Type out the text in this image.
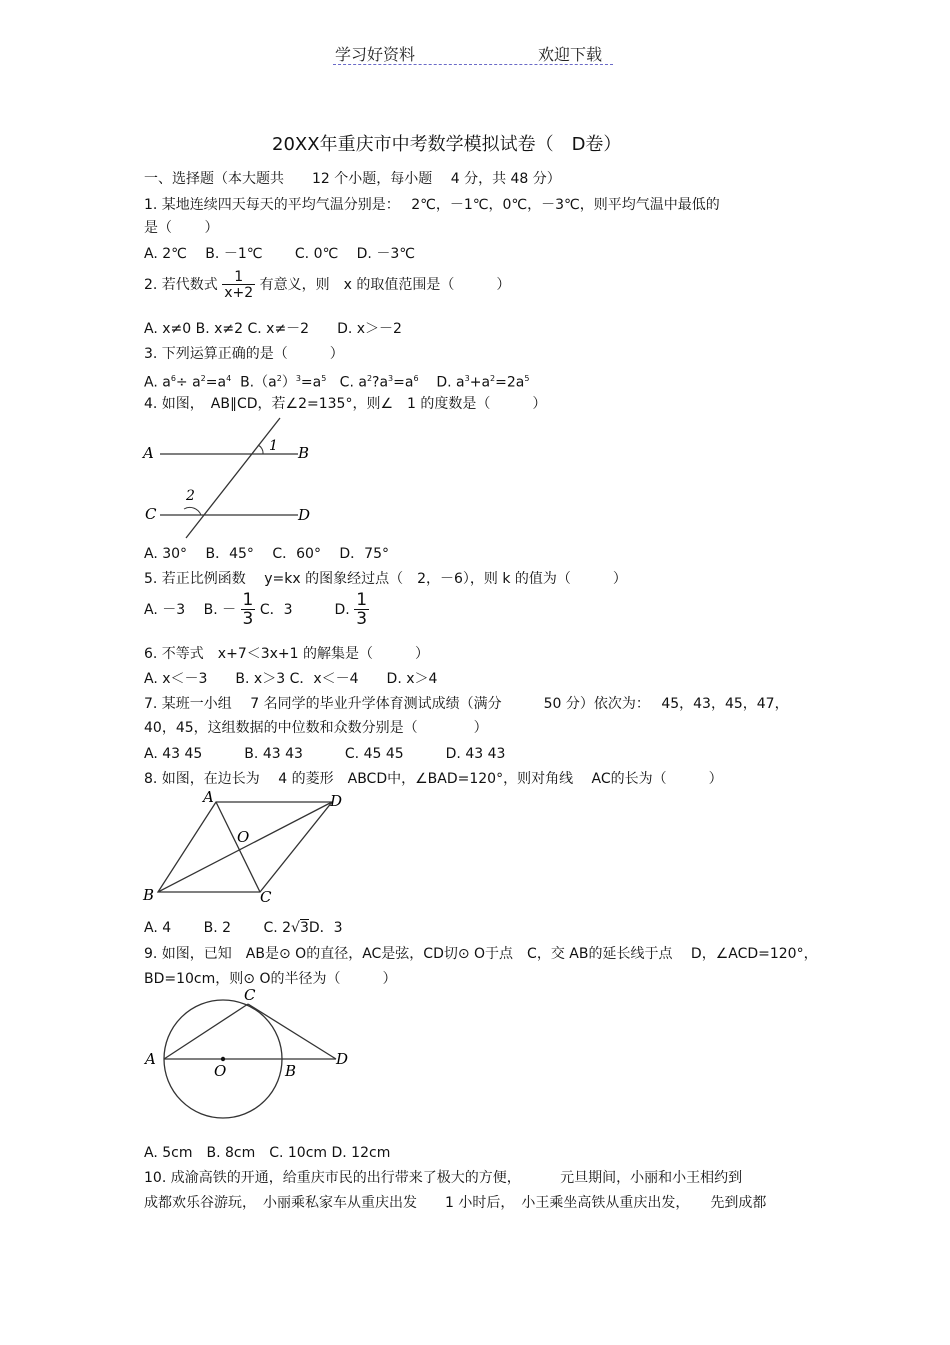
学习好资料	欢迎下载
20XX年重庆市中考数学模拟试卷（　D卷）
一、选择题（本大题共　　12 个小题，每小题　 4 分，共 48 分）
1. 某地连续四天每天的平均气温分别是：　 2℃，－1℃，0℃，－3℃，则平均气温中最低的
是（　　 ）
A. 2℃　 B. －1℃　　 C. 0℃　 D. －3℃
2. 若代数式 $\frac{1}{x+2}$ 有意义，则　x 的取值范围是（　　　）
A. x≠0 B. x≠2 C. x≠－2　　D. x＞－2
3. 下列运算正确的是（　　　）
A. $a^6\div a^2=a^4$ $B.(a^2)^3=a^5$ C. $a^2?a^3=a^6$ D. $a^3+a^2=2a^5$
4. 如图，　AB∥CD，若∠2=135°，则∠　1 的度数是（　　　）
A	B
C	D
1
2
A. 30°　 B．45°　 C．60°　 D．75°
5. 若正比例函数　 y=kx 的图象经过点（　2，－6），则 k 的值为（　　　）
A. －3　 B. － $\frac{1}{3}$ C．3　　　D. $\frac{1}{3}$
6. 不等式　x+7＜3x+1 的解集是（　　　）
A. x＜－3　　B. x＞3 C．x＜－4　　D. x＞4
7. 某班一小组　 7 名同学的毕业升学体育测试成绩（满分　　　50 分）依次为：　 45，43，45，47，
40，45，这组数据的中位数和众数分别是（　　　　）
A. 43 45　　　B. 43 43　　　C. 45 45　　　D. 43 43
8. 如图，在边长为　 4 的菱形　ABCD中，∠BAD=120°，则对角线　 AC的长为（　　　）
A	D
B	C
O
A. 4　　 B. 2　　 C. 2√3D．3
9. 如图，已知　AB是⊙ O的直径，AC是弦，CD切⊙ O于点　C，交 AB的延长线于点　 D，∠ACD=120°，
BD=10cm，则⊙ O的半径为（　　　）
A
C
D
O	B
A. 5cm　B. 8cm　C. 10cm D. 12cm
10. 成渝高铁的开通，给重庆市民的出行带来了极大的方便，　　　 元旦期间，小丽和小王相约到
成都欢乐谷游玩，　小丽乘私家车从重庆出发　　1 小时后，　小王乘坐高铁从重庆出发，　　先到成都
